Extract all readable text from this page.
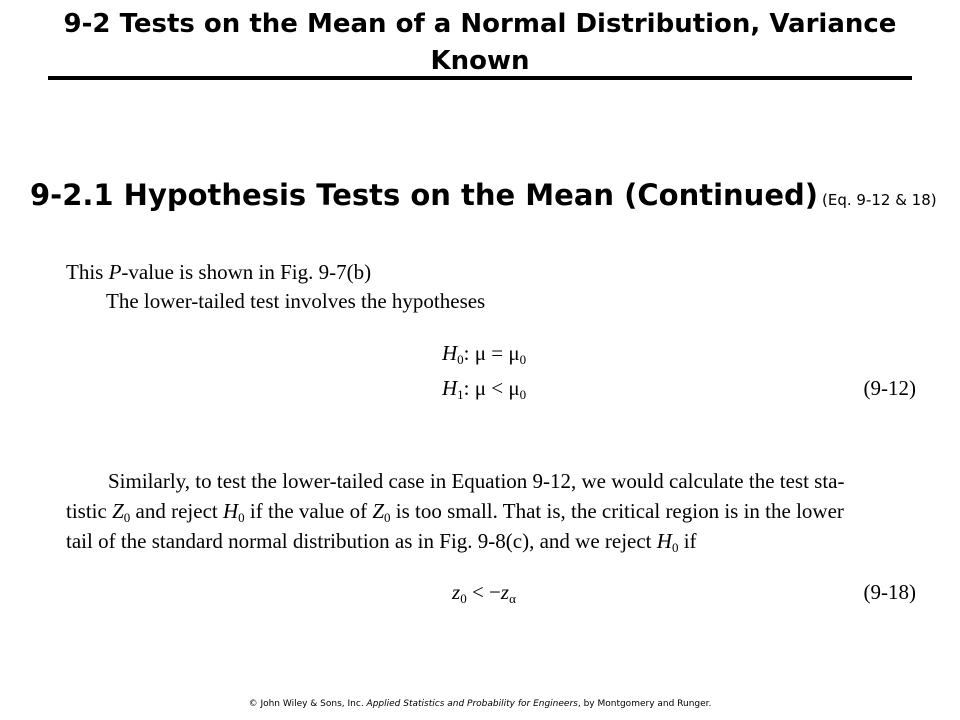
9-2 Tests on the Mean of a Normal Distribution, Variance Known
9-2.1 Hypothesis Tests on the Mean (Continued) (Eq. 9-12 & 18)
This P-value is shown in Fig. 9-7(b)
The lower-tailed test involves the hypotheses
$H_0$: $\mu = \mu_0$
$H_1$: $\mu < \mu_0$	(9-12)
Similarly, to test the lower-tailed case in Equation 9-12, we would calculate the test sta-
tistic $Z_0$ and reject $H_0$ if the value of $Z_0$ is too small. That is, the critical region is in the lower
tail of the standard normal distribution as in Fig. 9-8(c), and we reject $H_0$ if
$z_0 < -z_\alpha$	(9-18)
© John Wiley & Sons, Inc. Applied Statistics and Probability for Engineers, by Montgomery and Runger.
